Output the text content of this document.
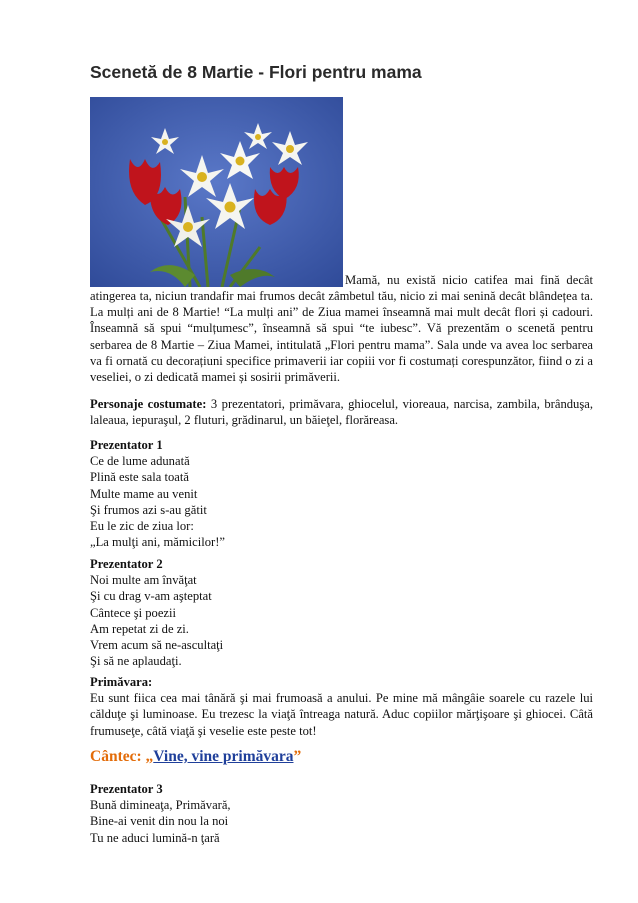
Scenetă de 8 Martie - Flori pentru mama
Mamă, nu există nicio catifea mai fină decât
atingerea ta, niciun trandafir mai frumos decât zâmbetul tău, nicio zi mai senină decât blândețea ta. La mulți ani de 8 Martie! “La mulți ani” de Ziua mamei înseamnă mai mult decât flori și cadouri. Înseamnă să spui “mulțumesc”, înseamnă să spui “te iubesc”. Vă prezentăm o scenetă pentru serbarea de 8 Martie – Ziua Mamei, intitulată „Flori pentru mama”. Sala unde va avea loc serbarea va fi ornată cu decorațiuni specifice primaverii iar copiii vor fi costumați corespunzător, fiind o zi a veseliei, o zi dedicată mamei și sosirii primăverii.
Personaje costumate: 3 prezentatori, primăvara, ghiocelul, vioreaua, narcisa, zambila, brânduşa, laleaua, iepuraşul, 2 fluturi, grădinarul, un băieţel, florăreasa.
Prezentator 1
Ce de lume adunată
Plină este sala toată
Multe mame au venit
Şi frumos azi s-au gătit
Eu le zic de ziua lor:
„La mulţi ani, mămicilor!”
Prezentator 2
Noi multe am învăţat
Şi cu drag v-am aşteptat
Cântece şi poezii
Am repetat zi de zi.
Vrem acum să ne-ascultaţi
Şi să ne aplaudaţi.
Primăvara:
Eu sunt fiica cea mai tânără şi mai frumoasă a anului. Pe mine mă mângâie soarele cu razele lui călduţe şi luminoase. Eu trezesc la viaţă întreaga natură. Aduc copiilor mărţişoare şi ghiocei. Câtă frumuseţe, câtă viaţă şi veselie este peste tot!
Cântec: „Vine, vine primăvara”
Prezentator 3
Bună dimineaţa, Primăvară,
Bine-ai venit din nou la noi
Tu ne aduci lumină-n ţară
